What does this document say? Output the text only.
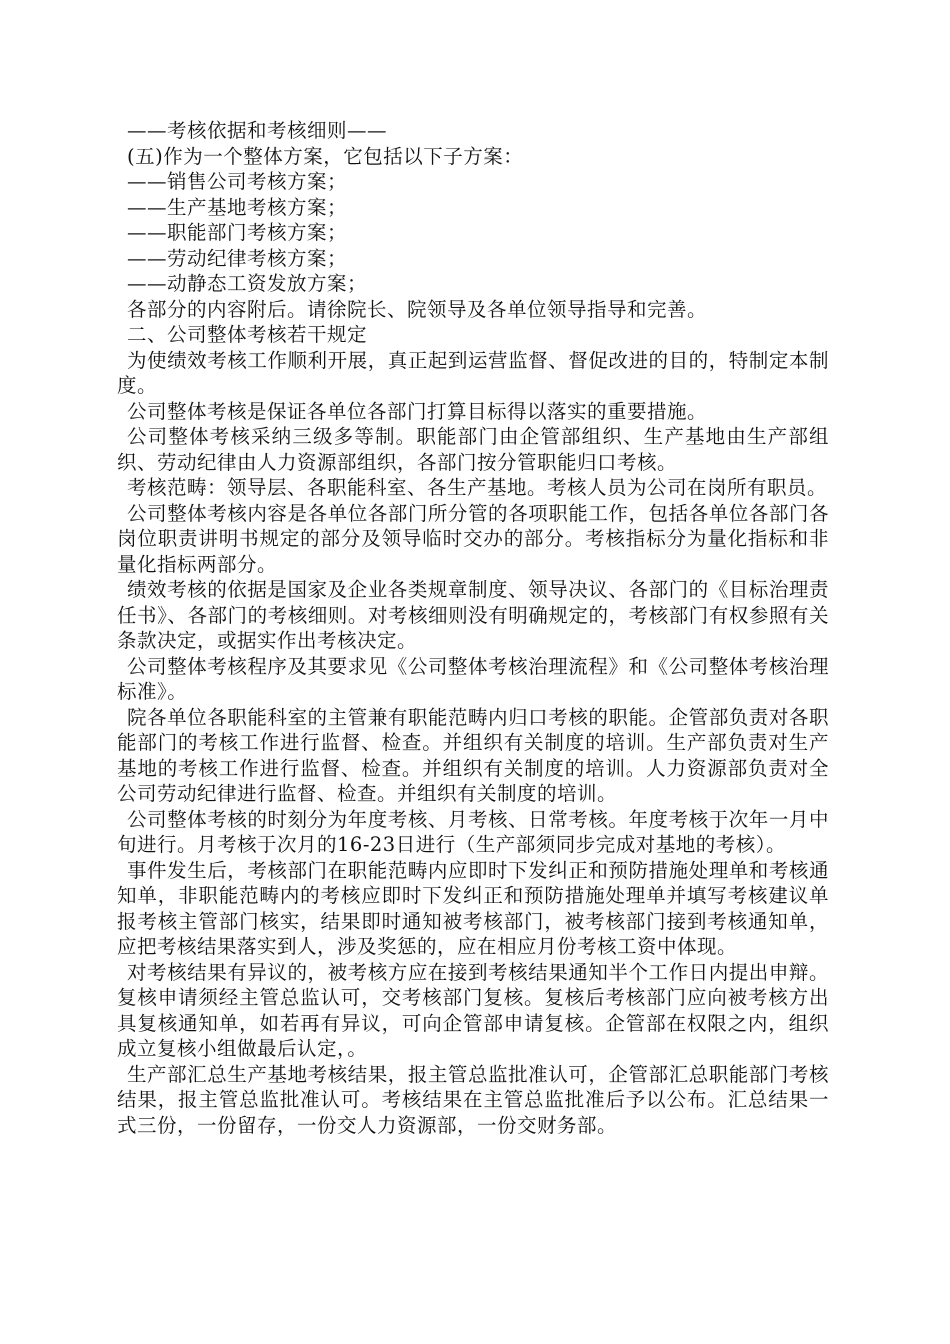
——考核依据和考核细则——

(五)作为一个整体方案，它包括以下子方案：

——销售公司考核方案；

——生产基地考核方案；

——职能部门考核方案；

——劳动纪律考核方案；

——动静态工资发放方案；

各部分的内容附后。请徐院长、院领导及各单位领导指导和完善。

二、公司整体考核若干规定

为使绩效考核工作顺利开展，真正起到运营监督、督促改进的目的，特制定本制度。

公司整体考核是保证各单位各部门打算目标得以落实的重要措施。

公司整体考核采纳三级多等制。职能部门由企管部组织、生产基地由生产部组织、劳动纪律由人力资源部组织，各部门按分管职能归口考核。

考核范畴：领导层、各职能科室、各生产基地。考核人员为公司在岗所有职员。

公司整体考核内容是各单位各部门所分管的各项职能工作，包括各单位各部门各岗位职责讲明书规定的部分及领导临时交办的部分。考核指标分为量化指标和非量化指标两部分。

绩效考核的依据是国家及企业各类规章制度、领导决议、各部门的《目标治理责任书》、各部门的考核细则。对考核细则没有明确规定的，考核部门有权参照有关条款决定，或据实作出考核决定。

公司整体考核程序及其要求见《公司整体考核治理流程》和《公司整体考核治理标准》。

院各单位各职能科室的主管兼有职能范畴内归口考核的职能。企管部负责对各职能部门的考核工作进行监督、检查。并组织有关制度的培训。生产部负责对生产基地的考核工作进行监督、检查。并组织有关制度的培训。人力资源部负责对全公司劳动纪律进行监督、检查。并组织有关制度的培训。

公司整体考核的时刻分为年度考核、月考核、日常考核。年度考核于次年一月中旬进行。月考核于次月的16-23日进行（生产部须同步完成对基地的考核）。

事件发生后，考核部门在职能范畴内应即时下发纠正和预防措施处理单和考核通知单，非职能范畴内的考核应即时下发纠正和预防措施处理单并填写考核建议单报考核主管部门核实，结果即时通知被考核部门，被考核部门接到考核通知单，应把考核结果落实到人，涉及奖惩的，应在相应月份考核工资中体现。

对考核结果有异议的，被考核方应在接到考核结果通知半个工作日内提出申辩。复核申请须经主管总监认可，交考核部门复核。复核后考核部门应向被考核方出具复核通知单，如若再有异议，可向企管部申请复核。企管部在权限之内，组织成立复核小组做最后认定，。

生产部汇总生产基地考核结果，报主管总监批准认可，企管部汇总职能部门考核结果，报主管总监批准认可。考核结果在主管总监批准后予以公布。汇总结果一式三份，一份留存，一份交人力资源部，一份交财务部。
